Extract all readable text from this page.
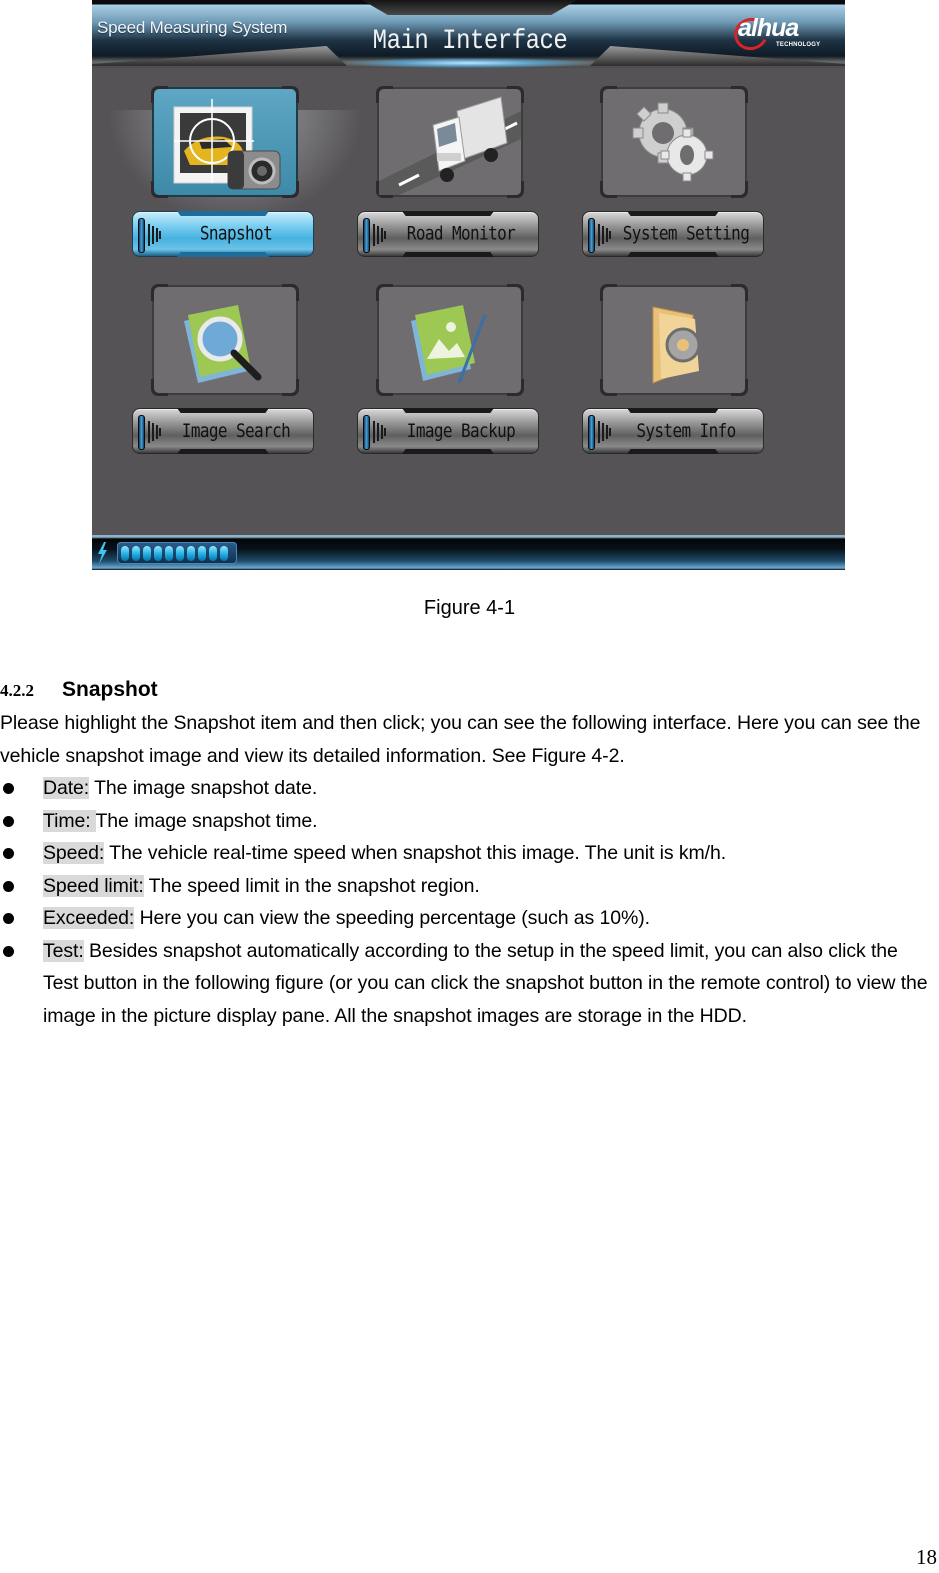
Speed Measuring System	Main Interface	alhua
TECHNOLOGY
Snapshot	Road Monitor	System Setting
Image Search	Image Backup	System Info
Figure 4-1
4.2.2 Snapshot
Please highlight the Snapshot item and then click; you can see the following interface. Here you can see the vehicle snapshot image and view its detailed information. See Figure 4-2.
Date: The image snapshot date.
Time: The image snapshot time.
Speed: The vehicle real-time speed when snapshot this image. The unit is km/h.
Speed limit: The speed limit in the snapshot region.
Exceeded: Here you can view the speeding percentage (such as 10%).
Test: Besides snapshot automatically according to the setup in the speed limit, you can also click the Test button in the following figure (or you can click the snapshot button in the remote control) to view the image in the picture display pane. All the snapshot images are storage in the HDD.
18
